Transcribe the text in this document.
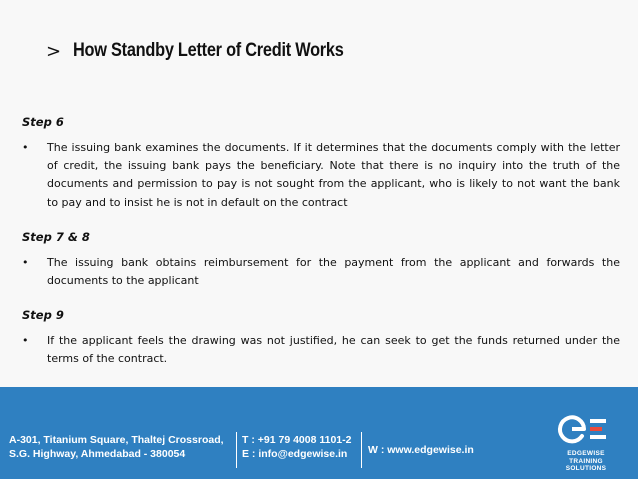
> How Standby Letter of Credit Works
Step 6
•	The issuing bank examines the documents. If it determines that the documents comply with the letter of credit, the issuing bank pays the beneficiary. Note that there is no inquiry into the truth of the documents and permission to pay is not sought from the applicant, who is likely to not want the bank to pay and to insist he is not in default on the contract
Step 7 & 8
•	The issuing bank obtains reimbursement for the payment from the applicant and forwards the documents to the applicant
Step 9
•	If the applicant feels the drawing was not justified, he can seek to get the funds returned under the terms of the contract.
A-301, Titanium Square, Thaltej Crossroad,
S.G. Highway, Ahmedabad - 380054
T : +91 79 4008 1101-2
E : info@edgewise.in	W : www.edgewise.in	EDGEWISE
TRAINING
SOLUTIONS
